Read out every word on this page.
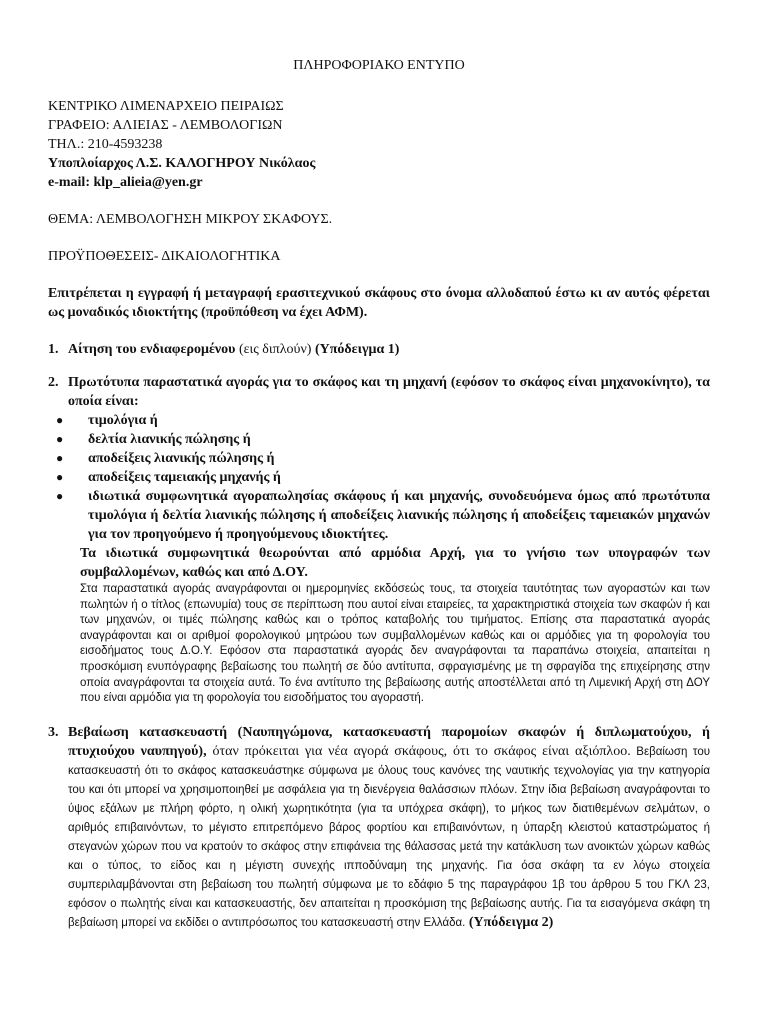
ΠΛΗΡΟΦΟΡΙΑΚΟ ΕΝΤΥΠΟ
ΚΕΝΤΡΙΚΟ ΛΙΜΕΝΑΡΧΕΙΟ ΠΕΙΡΑΙΩΣ
ΓΡΑΦΕΙΟ: ΑΛΙΕΙΑΣ - ΛΕΜΒΟΛΟΓΙΩΝ
ΤΗΛ.: 210-4593238
Υποπλοίαρχος Λ.Σ. ΚΑΛΟΓΗΡΟΥ Νικόλαος
e-mail: klp_alieia@yen.gr
ΘΕΜΑ: ΛΕΜΒΟΛΟΓΗΣΗ ΜΙΚΡΟΥ ΣΚΑΦΟΥΣ.
ΠΡΟΫΠΟΘΕΣΕΙΣ- ΔΙΚΑΙΟΛΟΓΗΤΙΚΑ
Επιτρέπεται η εγγραφή ή μεταγραφή ερασιτεχνικού σκάφους στο όνομα αλλοδαπού έστω κι αν αυτός φέρεται ως μοναδικός ιδιοκτήτης (προϋπόθεση να έχει ΑΦΜ).
1. Αίτηση του ενδιαφερομένου (εις διπλούν) (Υπόδειγμα 1)
2. Πρωτότυπα παραστατικά αγοράς για το σκάφος και τη μηχανή (εφόσον το σκάφος είναι μηχανοκίνητο), τα οποία είναι:
●	τιμολόγια ή
●	δελτία λιανικής πώλησης ή
●	αποδείξεις λιανικής πώλησης ή
●	αποδείξεις ταμειακής μηχανής ή
●	ιδιωτικά συμφωνητικά αγοραπωλησίας σκάφους ή και μηχανής, συνοδευόμενα όμως από πρωτότυπα τιμολόγια ή δελτία λιανικής πώλησης ή αποδείξεις λιανικής πώλησης ή αποδείξεις ταμειακών μηχανών για τον προηγούμενο ή προηγούμενους ιδιοκτήτες.
Τα ιδιωτικά συμφωνητικά θεωρούνται από αρμόδια Αρχή, για το γνήσιο των υπογραφών των συμβαλλομένων, καθώς και από Δ.ΟΥ.
Στα παραστατικά αγοράς αναγράφονται οι ημερομηνίες εκδόσεώς τους, τα στοιχεία ταυτότητας των αγοραστών και των πωλητών ή ο τίτλος (επωνυμία) τους σε περίπτωση που αυτοί είναι εταιρείες, τα χαρακτηριστικά στοιχεία των σκαφών ή και των μηχανών, οι τιμές πώλησης καθώς και ο τρόπος καταβολής του τιμήματος. Επίσης στα παραστατικά αγοράς αναγράφονται και οι αριθμοί φορολογικού μητρώου των συμβαλλομένων καθώς και οι αρμόδιες για τη φορολογία του εισοδήματος τους Δ.Ο.Υ. Εφόσον στα παραστατικά αγοράς δεν αναγράφονται τα παραπάνω στοιχεία, απαιτείται η προσκόμιση ενυπόγραφης βεβαίωσης του πωλητή σε δύο αντίτυπα, σφραγισμένης με τη σφραγίδα της επιχείρησης στην οποία αναγράφονται τα στοιχεία αυτά. Το ένα αντίτυπο της βεβαίωσης αυτής αποστέλλεται από τη Λιμενική Αρχή στη ΔΟΥ που είναι αρμόδια για τη φορολογία του εισοδήματος του αγοραστή.
3. Βεβαίωση κατασκευαστή (Ναυπηγώμονα, κατασκευαστή παρομοίων σκαφών ή διπλωματούχου, ή πτυχιούχου ναυπηγού), όταν πρόκειται για νέα αγορά σκάφους, ότι το σκάφος είναι αξιόπλοο. Βεβαίωση του κατασκευαστή ότι το σκάφος κατασκευάστηκε σύμφωνα με όλους τους κανόνες της ναυτικής τεχνολογίας για την κατηγορία του και ότι μπορεί να χρησιμοποιηθεί με ασφάλεια για τη διενέργεια θαλάσσιων πλόων. Στην ίδια βεβαίωση αναγράφονται το ύψος εξάλων με πλήρη φόρτο, η ολική χωρητικότητα (για τα υπόχρεα σκάφη), το μήκος των διατιθεμένων σελμάτων, ο αριθμός επιβαινόντων, το μέγιστο επιτρεπόμενο βάρος φορτίου και επιβαινόντων, η ύπαρξη κλειστού καταστρώματος ή στεγανών χώρων που να κρατούν το σκάφος στην επιφάνεια της θάλασσας μετά την κατάκλυση των ανοικτών χώρων καθώς και ο τύπος, το είδος και η μέγιστη συνεχής ιπποδύναμη της μηχανής. Για όσα σκάφη τα εν λόγω στοιχεία συμπεριλαμβάνονται στη βεβαίωση του πωλητή σύμφωνα με το εδάφιο 5 της παραγράφου 1β του άρθρου 5 του ΓΚΛ 23, εφόσον ο πωλητής είναι και κατασκευαστής, δεν απαιτείται η προσκόμιση της βεβαίωσης αυτής. Για τα εισαγόμενα σκάφη τη βεβαίωση μπορεί να εκδίδει ο αντιπρόσωπος του κατασκευαστή στην Ελλάδα. (Υπόδειγμα 2)
